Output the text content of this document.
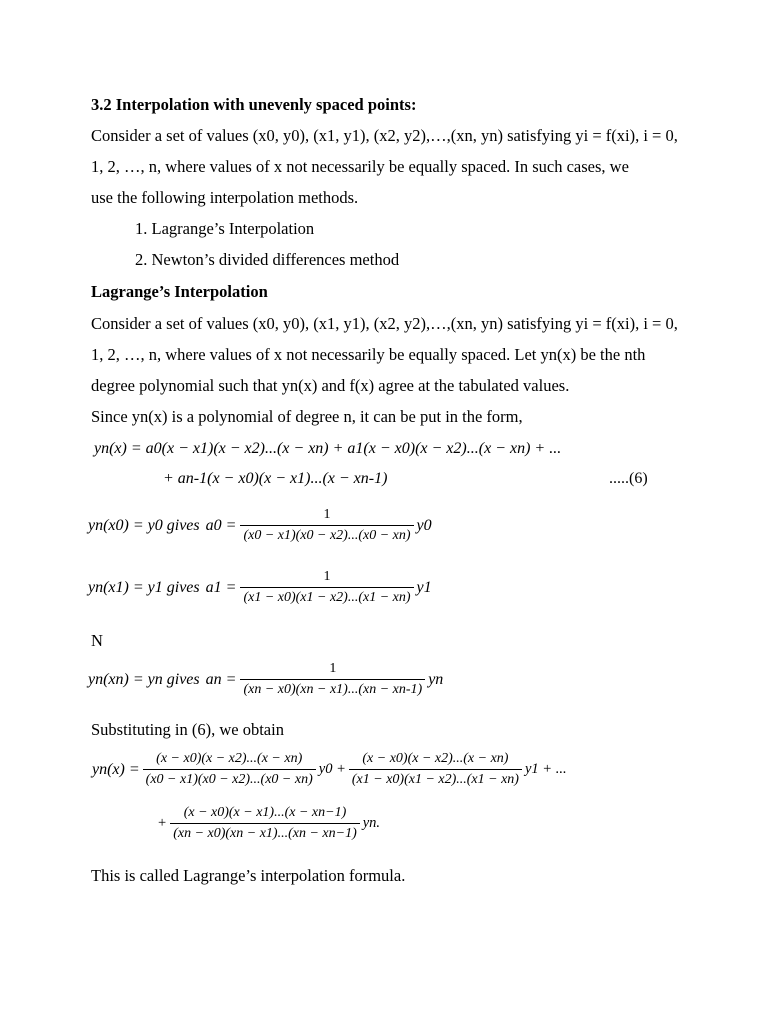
3.2 Interpolation with unevenly spaced points:
Consider a set of values (x0, y0), (x1, y1), (x2, y2),…,(xn, yn) satisfying yi = f(xi), i = 0,
1, 2, …, n, where values of x not necessarily be equally spaced. In such cases, we
use the following interpolation methods.
1. Lagrange’s Interpolation
2. Newton’s divided differences method
Lagrange’s Interpolation
Consider a set of values (x0, y0), (x1, y1), (x2, y2),…,(xn, yn) satisfying yi = f(xi), i = 0,
1, 2, …, n, where values of x not necessarily be equally spaced. Let yn(x) be the nth
degree polynomial such that yn(x) and f(x) agree at the tabulated values.
Since yn(x) is a polynomial of degree n, it can be put in the form,
yn(x) = a0(x − x1)(x − x2)...(x − xn) + a1(x − x0)(x − x2)...(x − xn) + ...
+ an-1(x − x0)(x − x1)...(x − xn-1)	.....(6)
yn(x0) = y0 gives $a0 = \frac{1}{(x0 - x1)(x0 - x2)...(x0 - xn)} y0$
yn(x1) = y1 gives $a1 = \frac{1}{(x1 - x0)(x1 - x2)...(x1 - xn)} y1$
N
yn(xn) = yn gives an = $\frac{1}{(xn - x0)(xn - x1)...(xn - xn-1)}$ yn
Substituting in (6), we obtain
$yn(x) = \frac{(x - x0)(x - x2)...(x - xn)}{(x0 - x1)(x0 - x2)...(x0 - xn)} y0 + \frac{(x - x0)(x - x2)...(x - xn)}{(x1 - x0)(x1 - x2)...(x1 - xn)} y1$ + ...
+ $\frac{(x - x0)(x - x1)...(x - xn-1)}{(xn - x0)(xn - x1)...(xn - xn-1)}$ yn.
This is called Lagrange’s interpolation formula.
